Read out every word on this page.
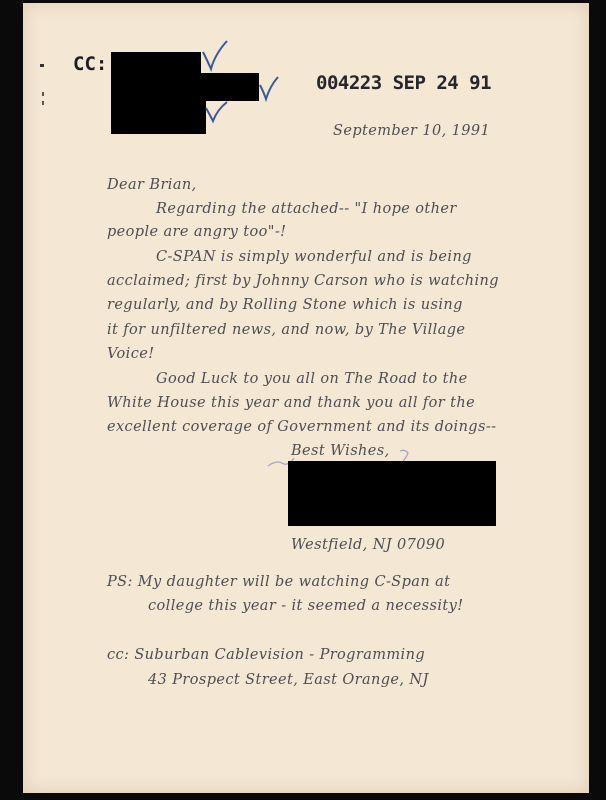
CC:
004223 SEP 24 91
September 10, 1991
Dear Brian,
Regarding the attached-- "I hope other
people are angry too"-!
C-SPAN is simply wonderful and is being
acclaimed; first by Johnny Carson who is watching
regularly, and by Rolling Stone which is using
it for unfiltered news, and now, by The Village
Voice!
Good Luck to you all on The Road to the
White House this year and thank you all for the
excellent coverage of Government and its doings--
Best Wishes,
Westfield, NJ 07090
PS: My daughter will be watching C-Span at
college this year - it seemed a necessity!
cc: Suburban Cablevision - Programming
43 Prospect Street, East Orange, NJ
